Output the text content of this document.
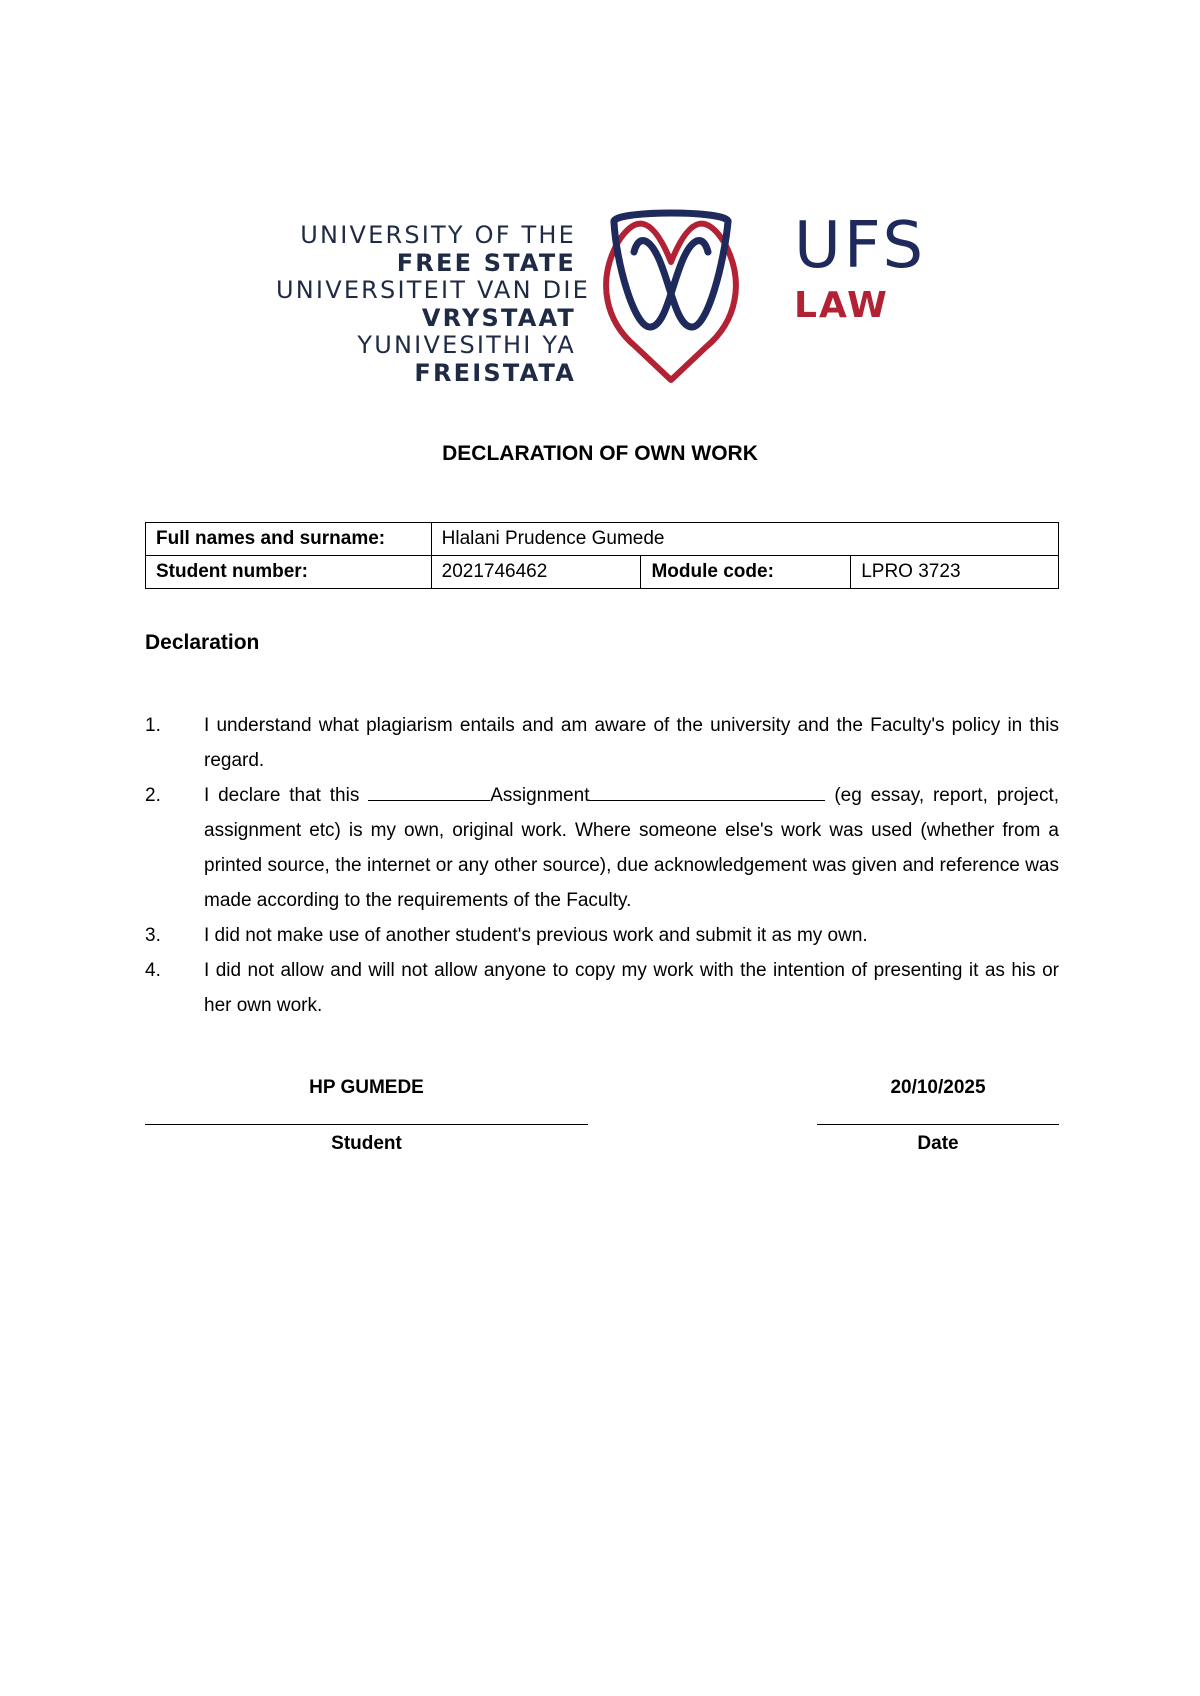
UNIVERSITY OF THE
FREE STATE
UNIVERSITEIT VAN DIE
VRYSTAAT
YUNIVESITHI YA
FREISTATA
UFS
LAW
DECLARATION OF OWN WORK
Full names and surname:	Hlalani Prudence Gumede		
Student number:	2021746462	Module code:	LPRO 3723
Declaration
1. I understand what plagiarism entails and am aware of the university and the Faculty's policy in this regard.
2. I declare that this	Assignment	(eg essay, report, project, assignment etc) is my own, original work. Where someone else's work was used (whether from a printed source, the internet or any other source), due acknowledgement was given and reference was made according to the requirements of the Faculty.
3. I did not make use of another student's previous work and submit it as my own.
4. I did not allow and will not allow anyone to copy my work with the intention of presenting it as his or her own work.
HP GUMEDE
Student
20/10/2025
Date
